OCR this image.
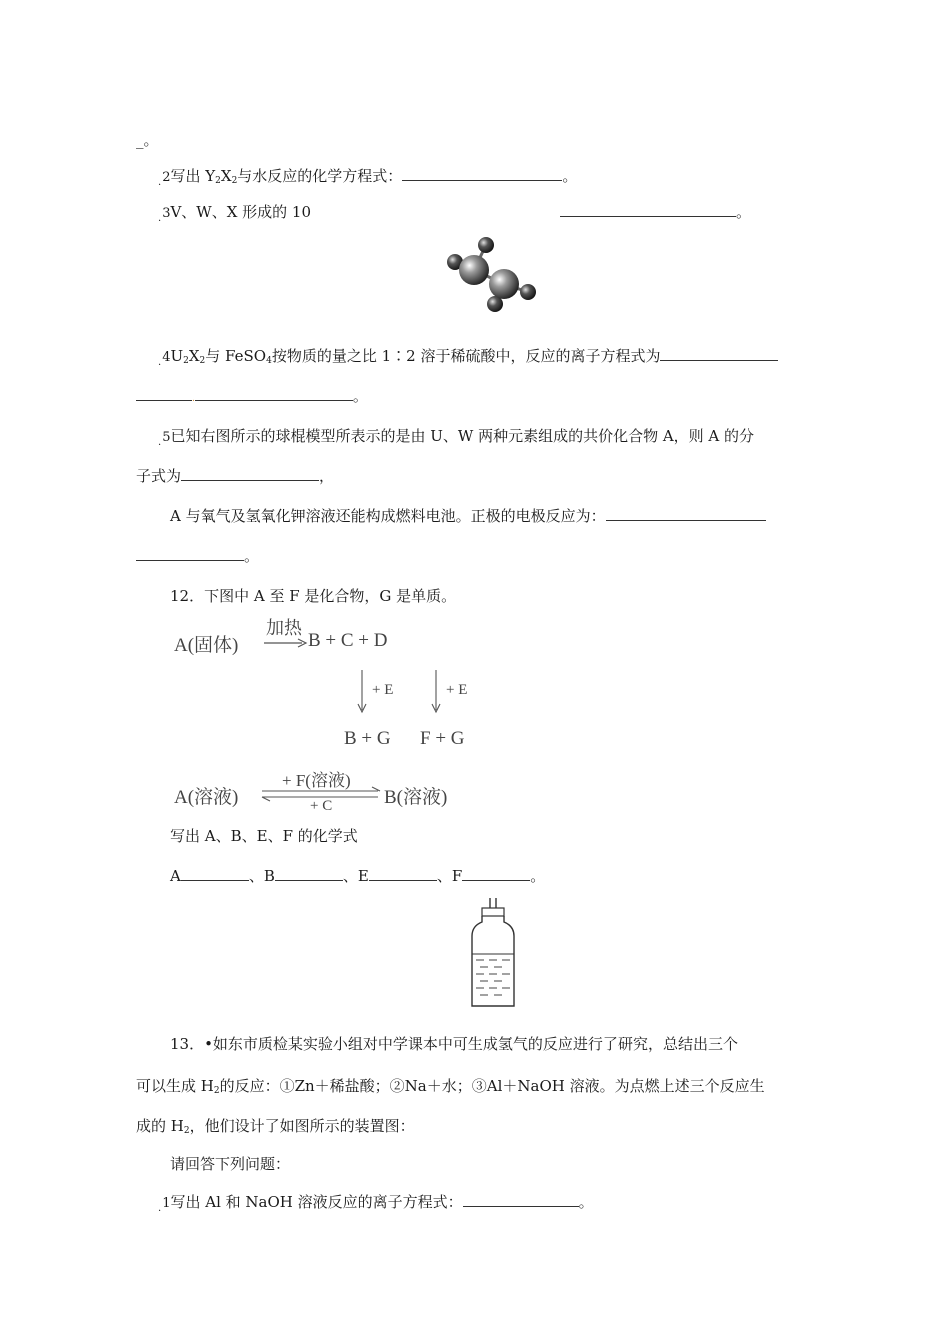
_。
$_.$2写出 $Y_2X_2$与水反应的化学方程式：	。
$_.$3V、W、X 形成的 10	。
$_.4U_2X_2$与 FeSO$_4$按物质的量之比 1∶2 溶于稀硫酸中，反应的离子方程式为
.	。
$_.$5已知右图所示的球棍模型所表示的是由 U、W 两种元素组成的共价化合物 A，则 A 的分
子式为	，
A 与氧气及氢氧化钾溶液还能构成燃料电池。正极的电极反应为：
。
12．下图中 A 至 F 是化合物，G 是单质。
A(固体)
加热
B + C + D
+ E	+ E
B + G F + G
A(溶液)
+ F(溶液)
+ C	B(溶液)
写出 A、B、E、F 的化学式
A	、B	、E	、F	。
13．•如东市质检某实验小组对中学课本中可生成氢气的反应进行了研究，总结出三个
可以生成 $H_2$的反应：①Zn＋稀盐酸；②Na＋水；③Al＋NaOH 溶液。为点燃上述三个反应生
成的 $H_2$，他们设计了如图所示的装置图：
请回答下列问题：
$_.$1写出 Al 和 NaOH 溶液反应的离子方程式：	。
